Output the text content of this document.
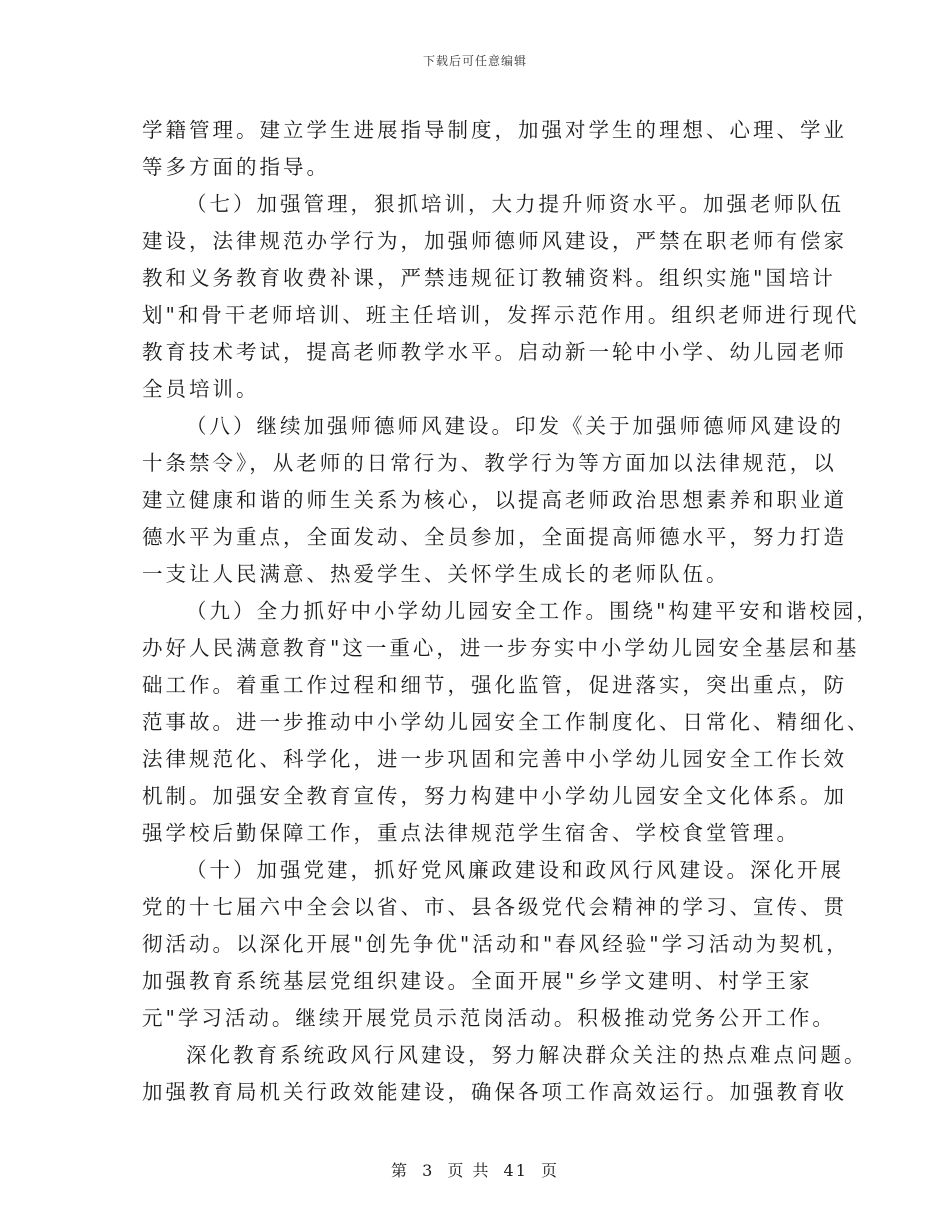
下载后可任意编辑
学籍管理。建立学生进展指导制度，加强对学生的理想、心理、学业
等多方面的指导。
（七）加强管理，狠抓培训，大力提升师资水平。加强老师队伍
建设，法律规范办学行为，加强师德师风建设，严禁在职老师有偿家
教和义务教育收费补课，严禁违规征订教辅资料。组织实施"国培计
划"和骨干老师培训、班主任培训，发挥示范作用。组织老师进行现代
教育技术考试，提高老师教学水平。启动新一轮中小学、幼儿园老师
全员培训。
（八）继续加强师德师风建设。印发《关于加强师德师风建设的
十条禁令》，从老师的日常行为、教学行为等方面加以法律规范，以
建立健康和谐的师生关系为核心，以提高老师政治思想素养和职业道
德水平为重点，全面发动、全员参加，全面提高师德水平，努力打造
一支让人民满意、热爱学生、关怀学生成长的老师队伍。
（九）全力抓好中小学幼儿园安全工作。围绕"构建平安和谐校园，
办好人民满意教育"这一重心，进一步夯实中小学幼儿园安全基层和基
础工作。着重工作过程和细节，强化监管，促进落实，突出重点，防
范事故。进一步推动中小学幼儿园安全工作制度化、日常化、精细化、
法律规范化、科学化，进一步巩固和完善中小学幼儿园安全工作长效
机制。加强安全教育宣传，努力构建中小学幼儿园安全文化体系。加
强学校后勤保障工作，重点法律规范学生宿舍、学校食堂管理。
（十）加强党建，抓好党风廉政建设和政风行风建设。深化开展
党的十七届六中全会以省、市、县各级党代会精神的学习、宣传、贯
彻活动。以深化开展"创先争优"活动和"春风经验"学习活动为契机，
加强教育系统基层党组织建设。全面开展"乡学文建明、村学王家
元"学习活动。继续开展党员示范岗活动。积极推动党务公开工作。
深化教育系统政风行风建设，努力解决群众关注的热点难点问题。
加强教育局机关行政效能建设，确保各项工作高效运行。加强教育收
第 3 页 共 41 页
